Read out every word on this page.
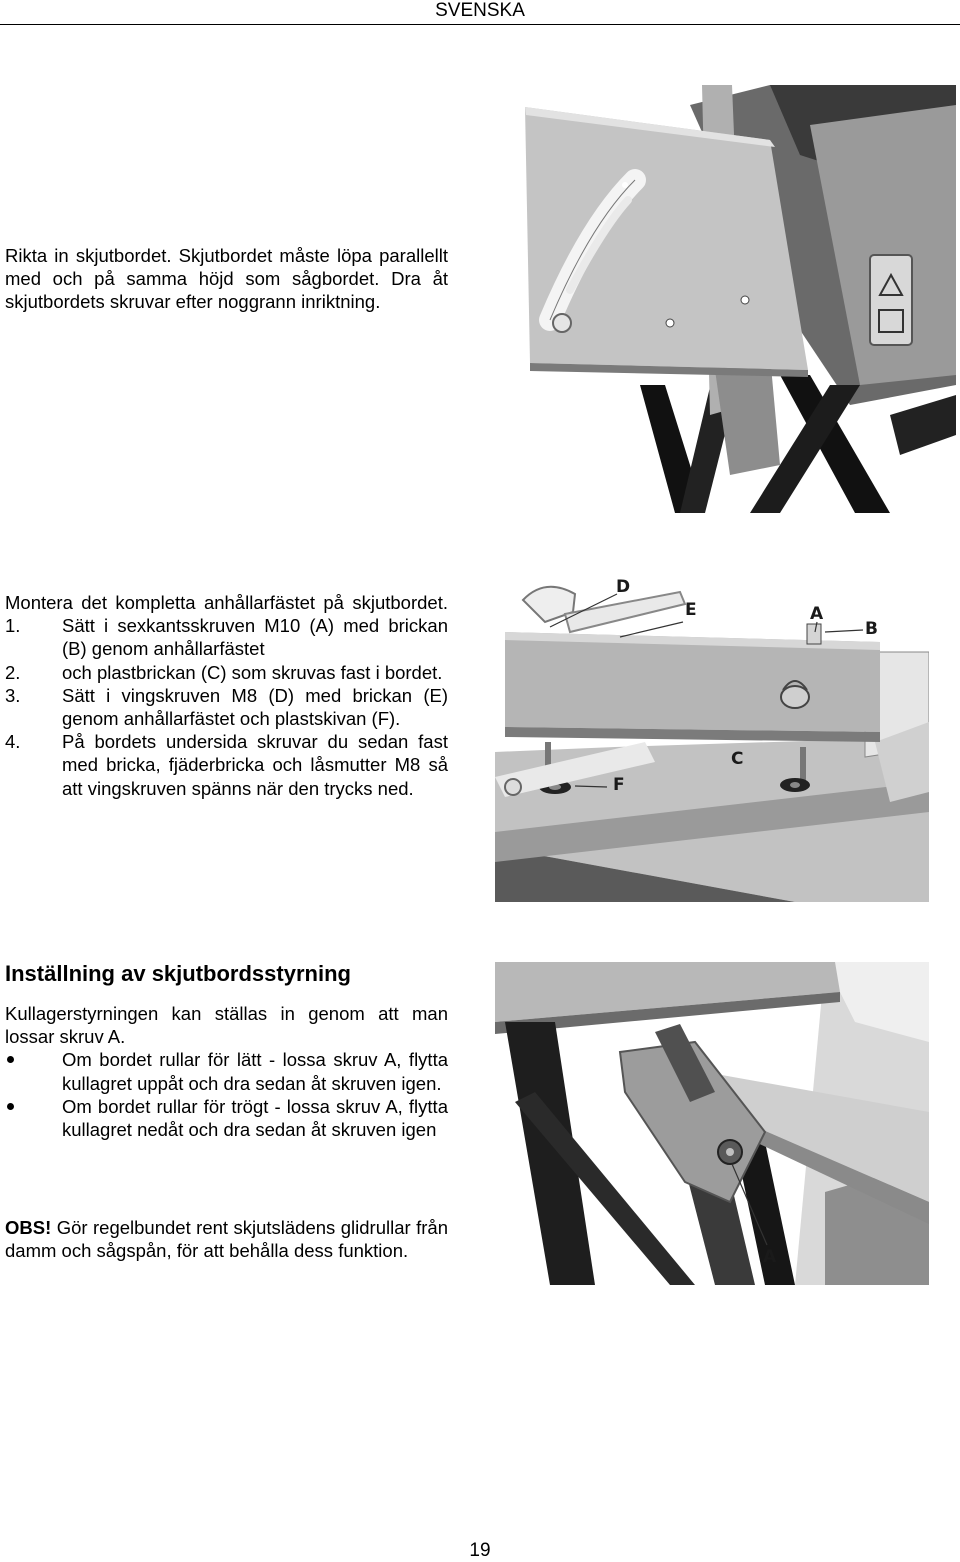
SVENSKA

Rikta in skjutbordet. Skjutbordet måste löpa parallellt med och på samma höjd som sågbordet. Dra åt skjutbordets skruvar efter noggrann inriktning.

Montera det kompletta anhållarfästet på skjutbordet.

1. Sätt i sexkantsskruven M10 (A) med brickan (B) genom anhållarfästet
2. och plastbrickan (C) som skruvas fast i bordet.
3. Sätt i vingskruven M8 (D) med brickan (E) genom anhållarfästet och plastskivan (F).
4. På bordets undersida skruvar du sedan fast med bricka, fjäderbricka och låsmutter M8 så att vingskruven spänns när den trycks ned.
D
E	A
B
C
F
Inställning av skjutbordsstyrning

Kullagerstyrningen kan ställas in genom att man lossar skruv A.

Om bordet rullar för lätt - lossa skruv A, flytta kullagret uppåt och dra sedan åt skruven igen.
Om bordet rullar för trögt - lossa skruv A, flytta kullagret nedåt och dra sedan åt skruven igen

OBS! Gör regelbundet rent skjutslädens glidrullar från damm och sågspån, för att behålla dess funktion.	A
19
